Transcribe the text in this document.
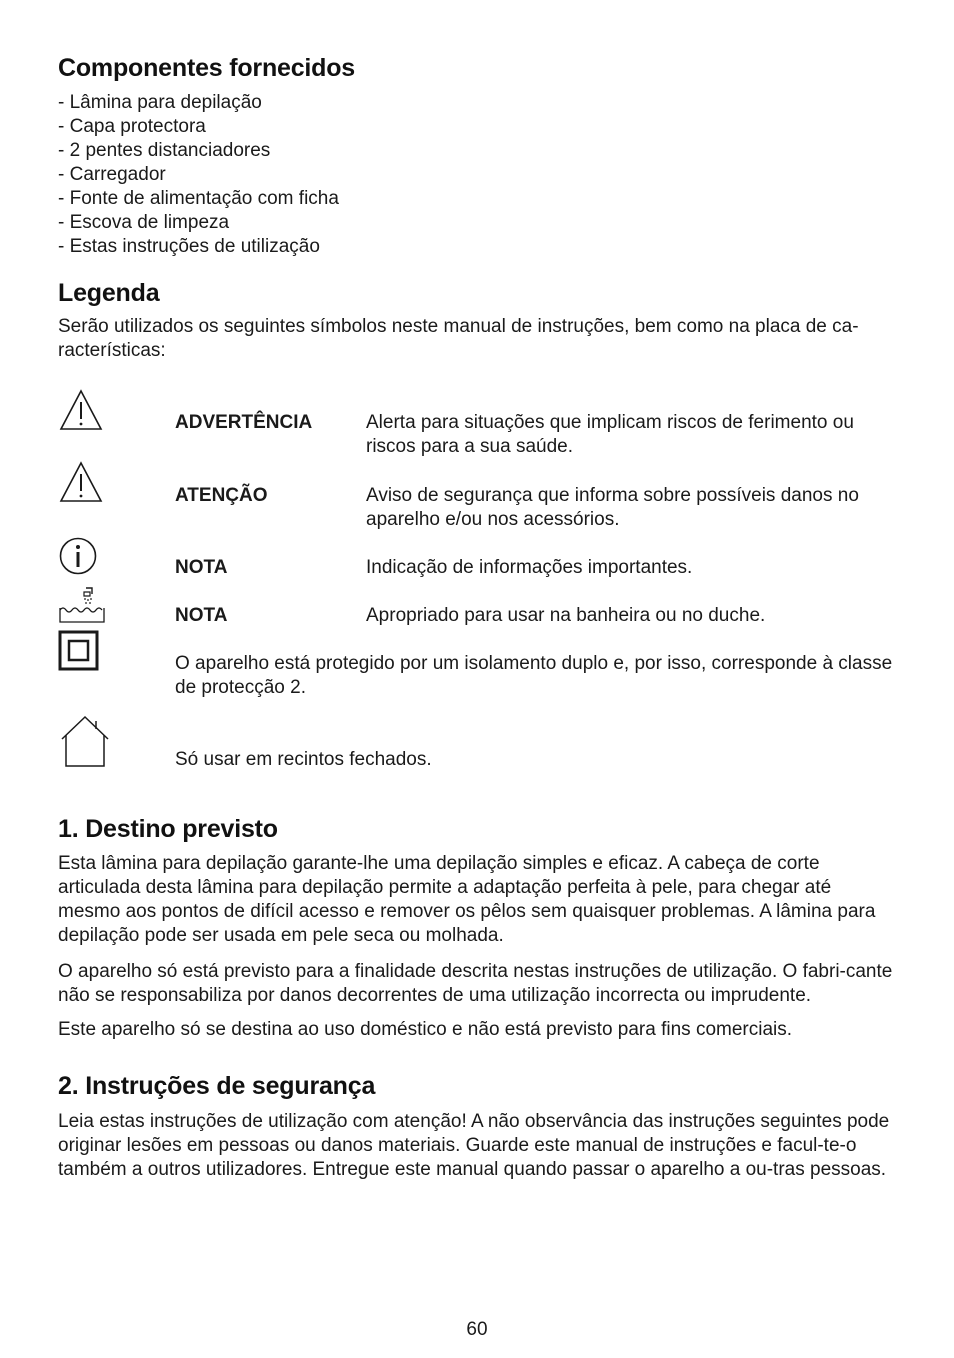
Componentes fornecidos
- Lâmina para depilação
- Capa protectora
- 2 pentes distanciadores
- Carregador
- Fonte de alimentação com ficha
- Escova de limpeza
- Estas instruções de utilização
Legenda

Serão utilizados os seguintes símbolos neste manual de instruções, bem como na placa de ca-racterísticas:

ADVERTÊNCIA	Alerta para situações que implicam riscos de ferimento ou riscos para a sua saúde.
ATENÇÃO	Aviso de segurança que informa sobre possíveis danos no aparelho e/ou nos acessórios.
NOTA	Indicação de informações importantes.
NOTA	Apropriado para usar na banheira ou no duche.
O aparelho está protegido por um isolamento duplo e, por isso, corresponde à classe de protecção 2.
Só usar em recintos fechados.
1. Destino previsto

Esta lâmina para depilação garante-lhe uma depilação simples e eficaz. A cabeça de corte articulada desta lâmina para depilação permite a adaptação perfeita à pele, para chegar até mesmo aos pontos de difícil acesso e remover os pêlos sem quaisquer problemas. A lâmina para depilação pode ser usada em pele seca ou molhada.

O aparelho só está previsto para a finalidade descrita nestas instruções de utilização. O fabri-cante não se responsabiliza por danos decorrentes de uma utilização incorrecta ou imprudente.

Este aparelho só se destina ao uso doméstico e não está previsto para fins comerciais.

2. Instruções de segurança

Leia estas instruções de utilização com atenção! A não observância das instruções seguintes pode originar lesões em pessoas ou danos materiais. Guarde este manual de instruções e facul-te-o também a outros utilizadores. Entregue este manual quando passar o aparelho a ou-tras pessoas.

60
